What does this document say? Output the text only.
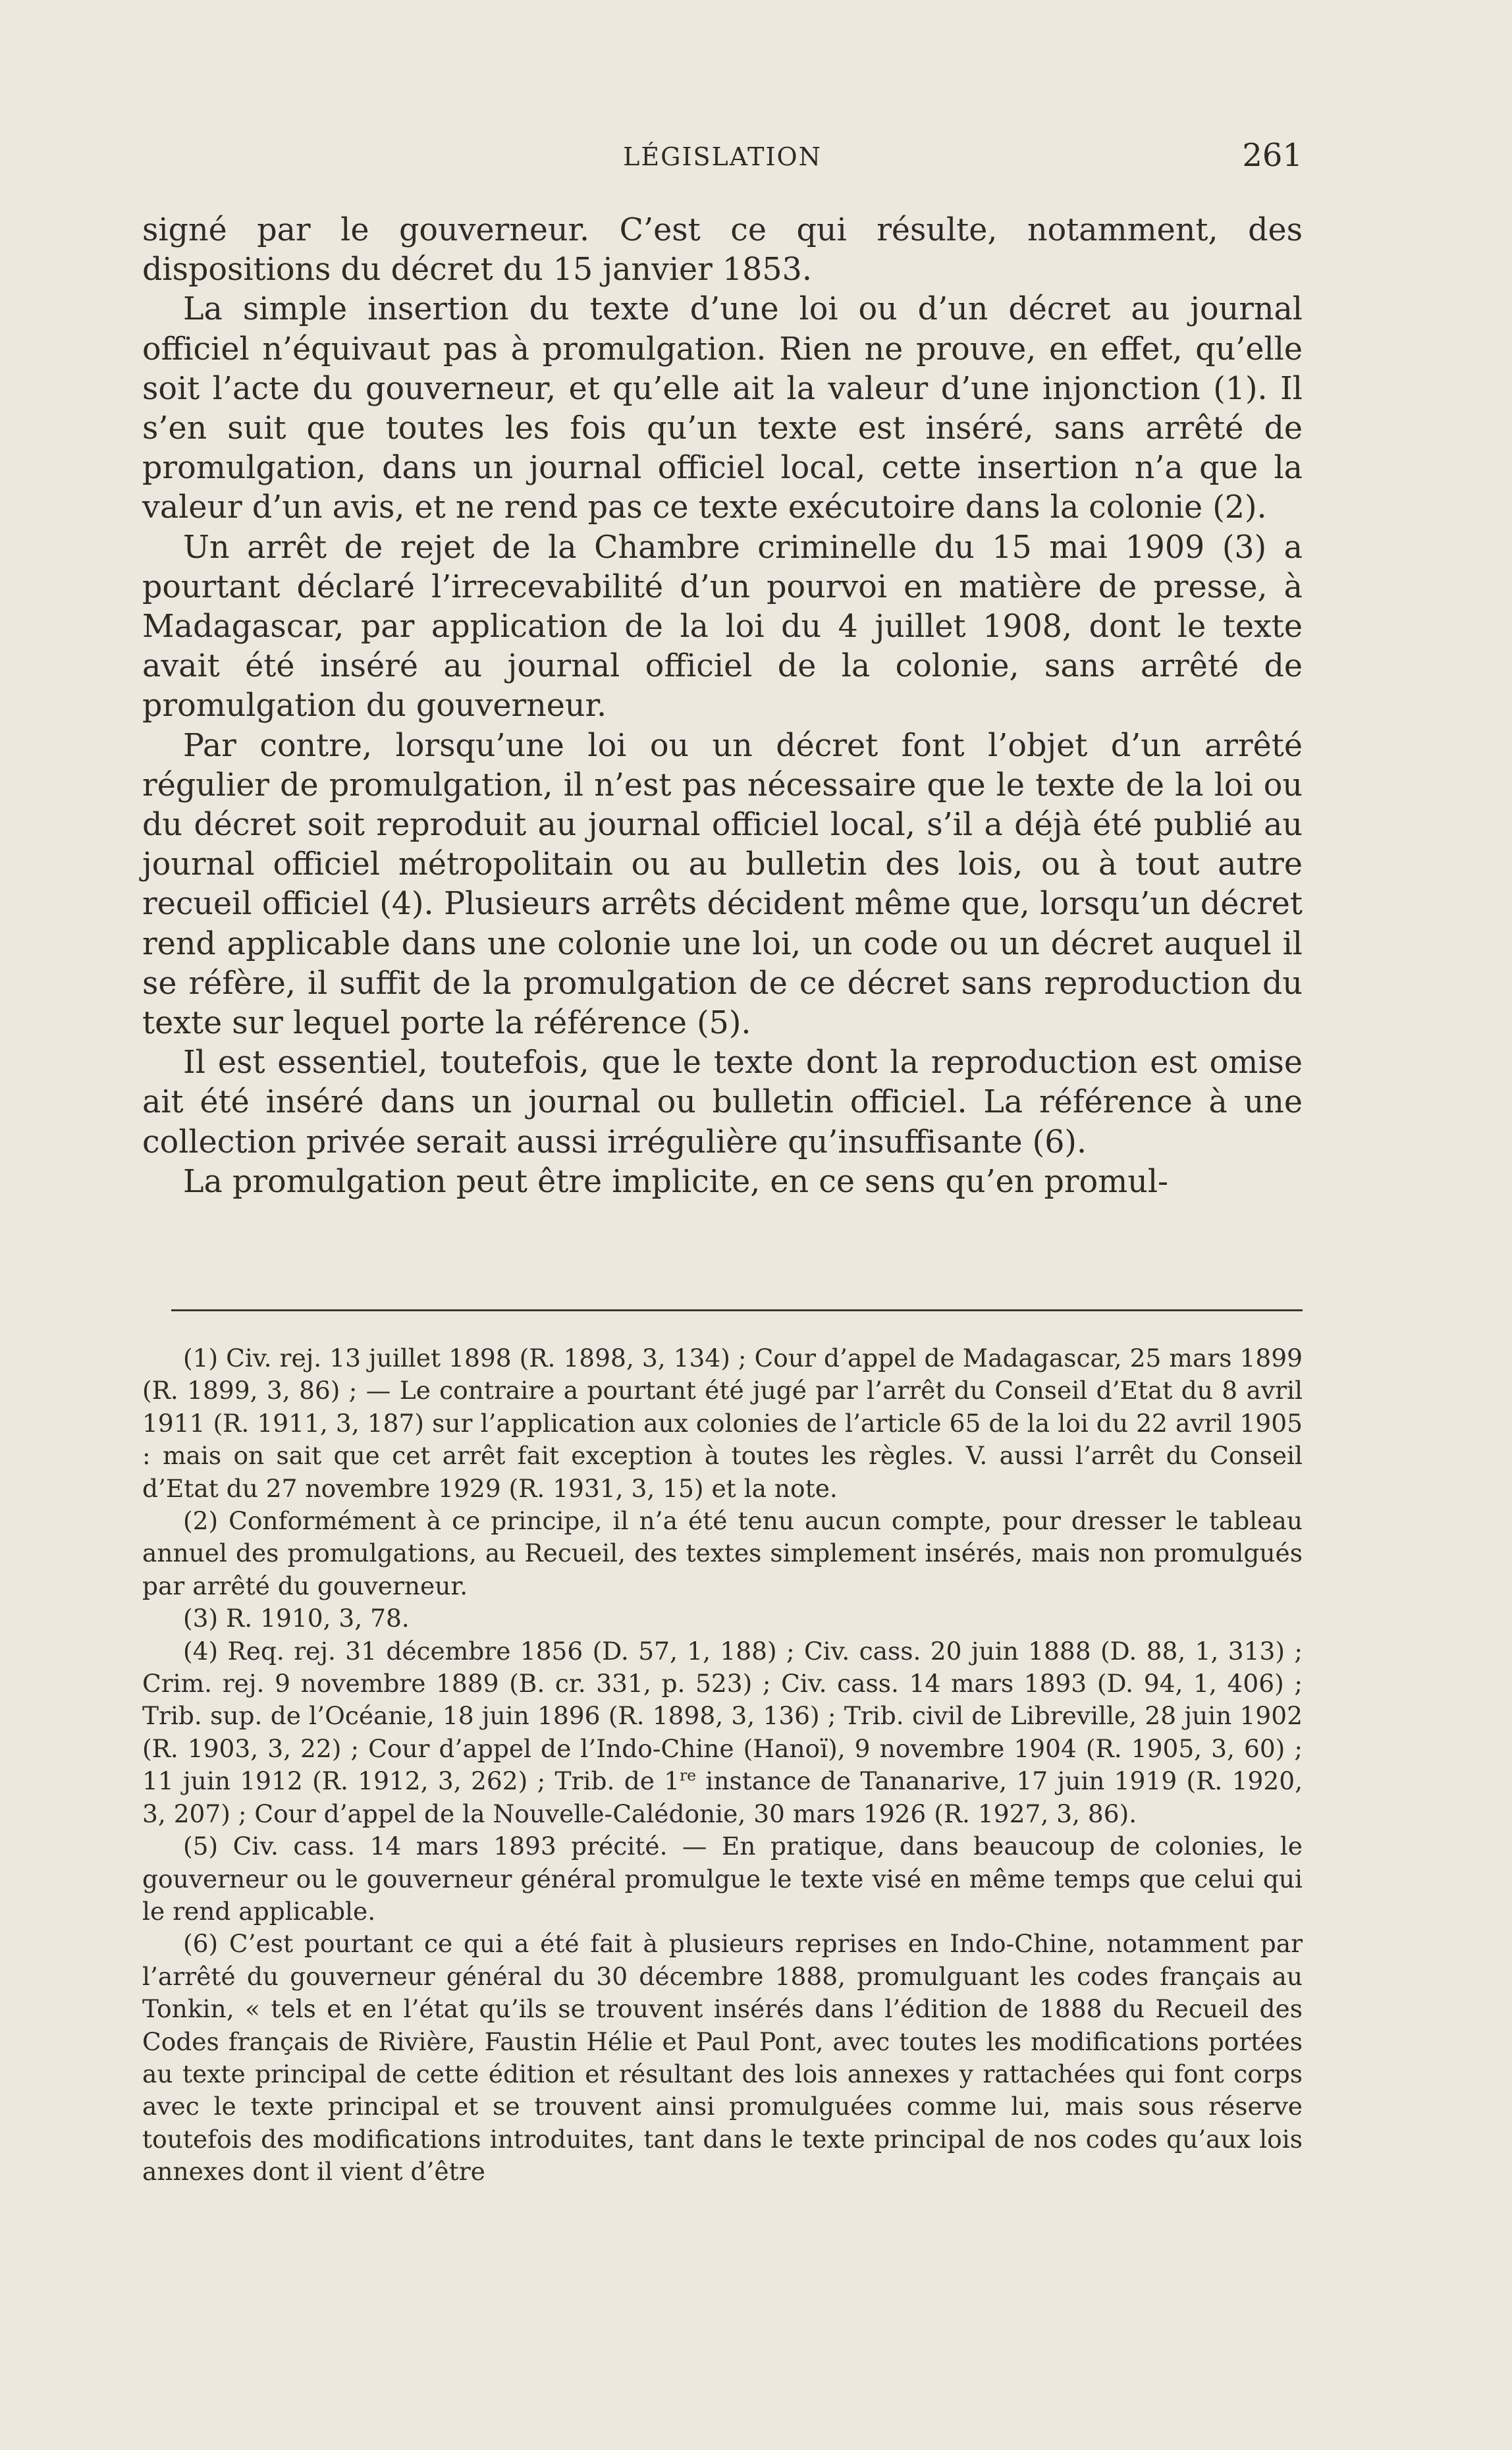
LÉGISLATION	261

signé par le gouverneur. C’est ce qui résulte, notamment, des dispositions du décret du 15 janvier 1853.

La simple insertion du texte d’une loi ou d’un décret au journal officiel n’équivaut pas à promulgation. Rien ne prouve, en effet, qu’elle soit l’acte du gouverneur, et qu’elle ait la valeur d’une injonction (1). Il s’en suit que toutes les fois qu’un texte est inséré, sans arrêté de promulgation, dans un journal officiel local, cette insertion n’a que la valeur d’un avis, et ne rend pas ce texte exécutoire dans la colonie (2).

Un arrêt de rejet de la Chambre criminelle du 15 mai 1909 (3) a pourtant déclaré l’irrecevabilité d’un pourvoi en matière de presse, à Madagascar, par application de la loi du 4 juillet 1908, dont le texte avait été inséré au journal officiel de la colonie, sans arrêté de promulgation du gouverneur.

Par contre, lorsqu’une loi ou un décret font l’objet d’un arrêté régulier de promulgation, il n’est pas nécessaire que le texte de la loi ou du décret soit reproduit au journal officiel local, s’il a déjà été publié au journal officiel métropolitain ou au bulletin des lois, ou à tout autre recueil officiel (4). Plusieurs arrêts décident même que, lorsqu’un décret rend applicable dans une colonie une loi, un code ou un décret auquel il se réfère, il suffit de la promulgation de ce décret sans reproduction du texte sur lequel porte la référence (5).

Il est essentiel, toutefois, que le texte dont la reproduction est omise ait été inséré dans un journal ou bulletin officiel. La référence à une collection privée serait aussi irrégulière qu’insuffisante (6).

La promulgation peut être implicite, en ce sens qu’en promul-

(1) Civ. rej. 13 juillet 1898 (R. 1898, 3, 134) ; Cour d’appel de Madagascar, 25 mars 1899 (R. 1899, 3, 86) ; — Le contraire a pourtant été jugé par l’arrêt du Conseil d’Etat du 8 avril 1911 (R. 1911, 3, 187) sur l’application aux colonies de l’article 65 de la loi du 22 avril 1905 : mais on sait que cet arrêt fait exception à toutes les règles. V. aussi l’arrêt du Conseil d’Etat du 27 novembre 1929 (R. 1931, 3, 15) et la note.

(2) Conformément à ce principe, il n’a été tenu aucun compte, pour dresser le tableau annuel des promulgations, au Recueil, des textes simplement insérés, mais non promulgués par arrêté du gouverneur.

(3) R. 1910, 3, 78.

(4) Req. rej. 31 décembre 1856 (D. 57, 1, 188) ; Civ. cass. 20 juin 1888 (D. 88, 1, 313) ; Crim. rej. 9 novembre 1889 (B. cr. 331, p. 523) ; Civ. cass. 14 mars 1893 (D. 94, 1, 406) ; Trib. sup. de l’Océanie, 18 juin 1896 (R. 1898, 3, 136) ; Trib. civil de Libreville, 28 juin 1902 (R. 1903, 3, 22) ; Cour d’appel de l’Indo-Chine (Hanoï), 9 novembre 1904 (R. 1905, 3, 60) ; 11 juin 1912 (R. 1912, 3, 262) ; Trib. de 1re instance de Tananarive, 17 juin 1919 (R. 1920, 3, 207) ; Cour d’appel de la Nouvelle-Calédonie, 30 mars 1926 (R. 1927, 3, 86).

(5) Civ. cass. 14 mars 1893 précité. — En pratique, dans beaucoup de colonies, le gouverneur ou le gouverneur général promulgue le texte visé en même temps que celui qui le rend applicable.

(6) C’est pourtant ce qui a été fait à plusieurs reprises en Indo-Chine, notamment par l’arrêté du gouverneur général du 30 décembre 1888, promulguant les codes français au Tonkin, « tels et en l’état qu’ils se trouvent insérés dans l’édition de 1888 du Recueil des Codes français de Rivière, Faustin Hélie et Paul Pont, avec toutes les modifications portées au texte principal de cette édition et résultant des lois annexes y rattachées qui font corps avec le texte principal et se trouvent ainsi promulguées comme lui, mais sous réserve toutefois des modifications introduites, tant dans le texte principal de nos codes qu’aux lois annexes dont il vient d’être
